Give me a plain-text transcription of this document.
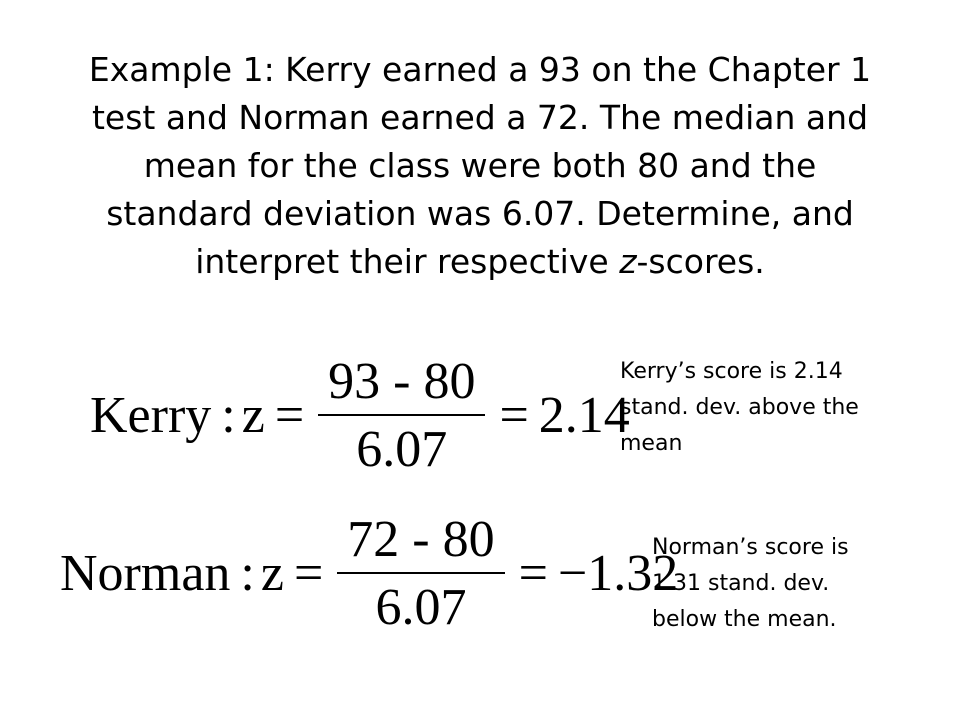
Example 1: Kerry earned a 93 on the Chapter 1
test and Norman earned a 72. The median and
mean for the class were both 80 and the
standard deviation was 6.07. Determine, and
interpret their respective z-scores.
Kerry : $z = \frac{93 - 80}{6.07} = 2.14$
Kerry’s score is 2.14
stand. dev. above the
mean
Norman : $z = \frac{72 - 80}{6.07} = -1.32$
Norman’s score is
1.31 stand. dev.
below the mean.
